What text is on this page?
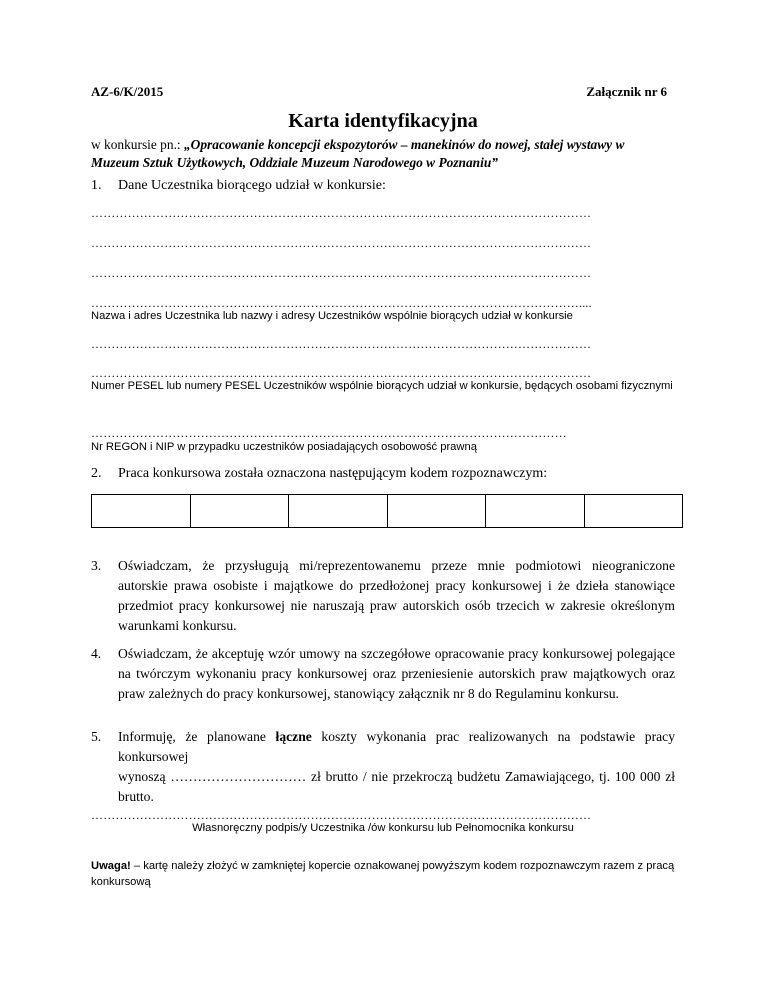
AZ-6/K/2015	Załącznik nr 6
Karta identyfikacyjna
w konkursie pn.: „Opracowanie koncepcji ekspozytorów – manekinów do nowej, stałej wystawy w Muzeum Sztuk Użytkowych, Oddziale Muzeum Narodowego w Poznaniu”
1. Dane Uczestnika biorącego udział w konkursie:
……………………………………………………………………………………………………………
……………………………………………………………………………………………………………
……………………………………………………………………………………………………………
…………………………………………………………………………………………………………....
Nazwa i adres Uczestnika lub nazwy i adresy Uczestników wspólnie biorących udział w konkursie
……………………………………………………………………………………………………………
……………………………………………………………………………………………………………
Numer PESEL lub numery PESEL Uczestników wspólnie biorących udział w konkursie, będących osobami fizycznymi
………………………………………………………………………………………………………
Nr REGON i NIP w przypadku uczestników posiadających osobowość prawną
2. Praca konkursowa została oznaczona następującym kodem rozpoznawczym:
3. Oświadczam, że przysługują mi/reprezentowanemu przeze mnie podmiotowi nieograniczone autorskie prawa osobiste i majątkowe do przedłożonej pracy konkursowej i że dzieła stanowiące przedmiot pracy konkursowej nie naruszają praw autorskich osób trzecich w zakresie określonym warunkami konkursu.
4. Oświadczam, że akceptuję wzór umowy na szczegółowe opracowanie pracy konkursowej polegające na twórczym wykonaniu pracy konkursowej oraz przeniesienie autorskich praw majątkowych oraz praw zależnych do pracy konkursowej, stanowiący załącznik nr 8 do Regulaminu konkursu.
5. Informuję, że planowane łączne koszty wykonania prac realizowanych na podstawie pracy konkursowej
wynoszą ………………………… zł brutto / nie przekroczą budżetu Zamawiającego, tj. 100 000 zł brutto.
……………………………………………………………………………………………………………
Własnoręczny podpis/y Uczestnika /ów konkursu lub Pełnomocnika konkursu
Uwaga! – kartę należy złożyć w zamkniętej kopercie oznakowanej powyższym kodem rozpoznawczym razem z pracą konkursową
